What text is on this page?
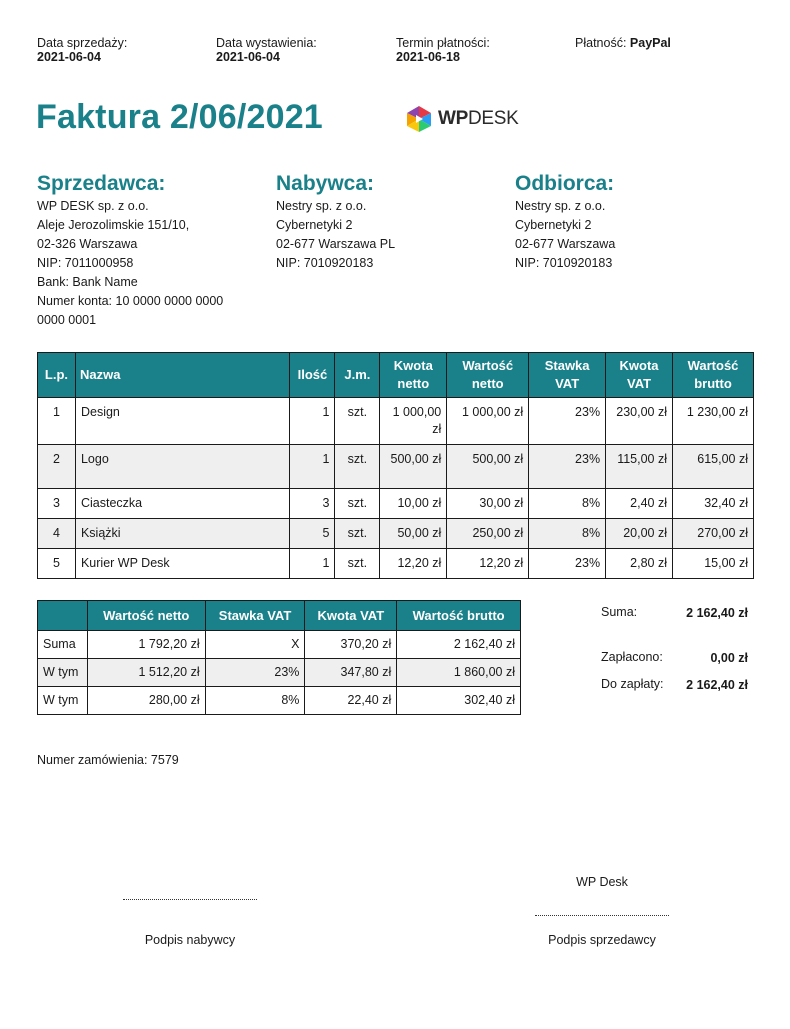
Data sprzedaży:
2021-06-04
Data wystawienia:
2021-06-04
Termin płatności:
2021-06-18
Płatność: PayPal
Faktura 2/06/2021	WPDESK
Sprzedawca:
WP DESK sp. z o.o.
Aleje Jerozolimskie 151/10,
02-326 Warszawa
NIP: 7011000958
Bank: Bank Name
Numer konta: 10 0000 0000 0000
0000 0001
Nabywca:
Nestry sp. z o.o.
Cybernetyki 2
02-677 Warszawa PL
NIP: 7010920183
Odbiorca:
Nestry sp. z o.o.
Cybernetyki 2
02-677 Warszawa
NIP: 7010920183
L.p.	Nazwa	Ilość	J.m.	Kwota netto	Wartość netto	Stawka VAT	Kwota VAT	Wartość brutto
1	Design	1	szt.	1 000,00 zł	1 000,00 zł	23%	230,00 zł	1 230,00 zł
2	Logo	1	szt.	500,00 zł	500,00 zł	23%	115,00 zł	615,00 zł
3	Ciasteczka	3	szt.	10,00 zł	30,00 zł	8%	2,40 zł	32,40 zł
4	Książki	5	szt.	50,00 zł	250,00 zł	8%	20,00 zł	270,00 zł
5	Kurier WP Desk	1	szt.	12,20 zł	12,20 zł	23%	2,80 zł	15,00 zł
	Wartość netto	Stawka VAT	Kwota VAT	Wartość brutto
Suma	1 792,20 zł	X	370,20 zł	2 162,40 zł
W tym	1 512,20 zł	23%	347,80 zł	1 860,00 zł
W tym	280,00 zł	8%	22,40 zł	302,40 zł
Suma:	2 162,40 zł
Zapłacono:	0,00 zł
Do zapłaty:	2 162,40 zł
Numer zamówienia: 7579
WP Desk
Podpis nabywcy	Podpis sprzedawcy
